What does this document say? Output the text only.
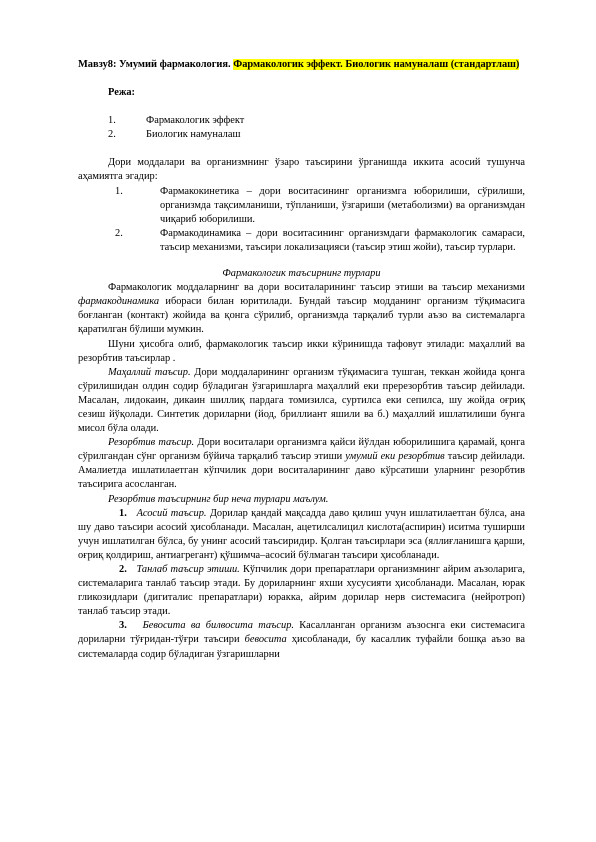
Мавзу8: Умумий фармакология. Фармакологик эффект. Биологик намуналаш (стандартлаш)

Режа:

1.	Фармакологик эффект
2.	Биологик намуналаш

Дори моддалари ва организмнинг ўзаро таъсирини ўрганишда иккита асосий тушунча аҳамиятга эгадир:

1.	Фармакокинетика – дори воситасининг организмга юборилиши, сўрилиши, организмда тақсимланиши, тўпланиши, ўзгариши (метаболизми) ва организмдан чиқариб юборилиши.
2.	Фармакодинамика – дори воситасининг организмдаги фармакологик самараси, таъсир механизми, таъсири локализацияси (таъсир этиш жойи), таъсир турлари.

Фармакологик таъсирнинг турлари

Фармакологик моддаларнинг ва дори воситаларининг таъсир этиши ва таъсир механизми фармакодинамика ибораси билан юритилади. Бундай таъсир модданинг организм тўқимасига боғланган (контакт) жойида ва қонга сўрилиб, организмда тарқалиб турли аъзо ва системаларга қаратилган бўлиши мумкин.

Шуни ҳисобга олиб, фармакологик таъсир икки кўринишда тафовут этилади: маҳаллий ва резорбтив таъсирлар .

Маҳаллий таъсир. Дори моддаларининг организм тўқимасига тушган, теккан жойида қонга сўрилишидан олдин содир бўладиган ўзгаришларга маҳаллий еки пререзорбтив таъсир дейилади. Масалан, лидокаин, дикаин шиллиқ пардага томизилса, суртилса еки сепилса, шу жойда оғриқ сезиш йўқолади. Синтетик дориларни (йод, бриллиант яшили ва б.) маҳаллий ишлатилиши бунга мисол бўла олади.

Резорбтив таъсир. Дори воситалари организмга қайси йўлдан юборилишига қарамай, қонга сўрилгандан сўнг организм бўйича тарқалиб таъсир этиши умумий еки резорбтив таъсир дейилади. Амалиетда ишлатилаетган кўпчилик дори воситаларининг даво кўрсатиши уларнинг резорбтив таъсирига асосланган.

Резорбтив таъсирнинг бир неча турлари маълум.

1. Асосий таъсир. Дорилар қандай мақсадда даво қилиш учун ишлатилаетган бўлса, ана шу даво таъсири асосий ҳисобланади. Масалан, ацетилсалицил кислота(аспирин) иситма туширши учун ишлатилган бўлса, бу унинг асосий таъсиридир. Қолган таъсирлари эса (яллиғланишга қарши, оғриқ қолдириш, антиагрегант) қўшимча–асосий бўлмаган таъсири ҳисобланади.

2. Танлаб таъсир этиши. Кўпчилик дори препаратлари организмнинг айрим аъзоларига, системаларига танлаб таъсир этади. Бу дориларнинг яхши хусусияти ҳисобланади. Масалан, юрак гликозидлари (дигиталис препаратлари) юракка, айрим дорилар нерв системасига (нейротроп) танлаб таъсир этади.

3. Бевосита ва билвосита таъсир. Касалланган организм аъзоснга еки системасига дориларни тўғридан-тўғри таъсири бевосита ҳисобланади, бу касаллик туфайли бошқа аъзо ва системаларда содир бўладиган ўзгаришларни
